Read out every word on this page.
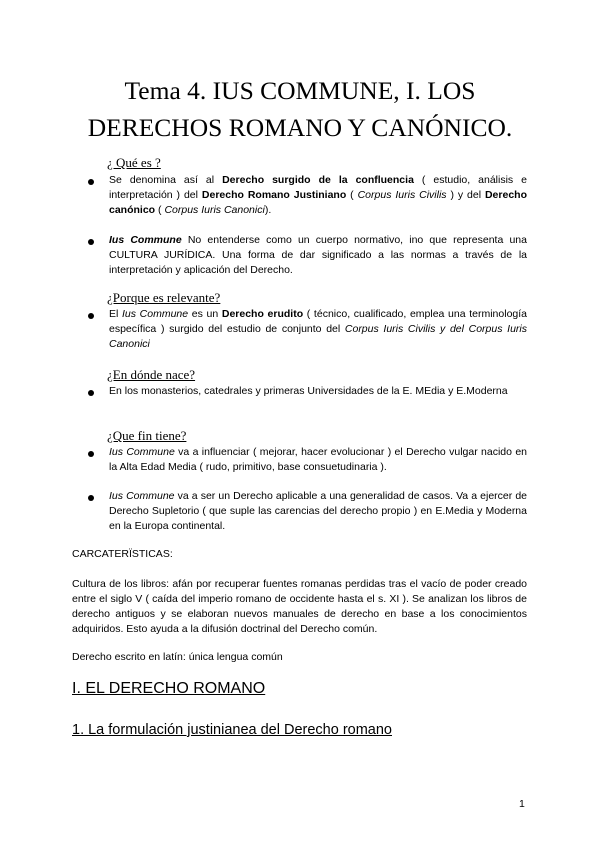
Tema 4. IUS COMMUNE, I. LOS
DERECHOS ROMANO Y CANÓNICO.
¿ Qué es ?
Se denomina así al Derecho surgido de la confluencia ( estudio, análisis e interpretación ) del Derecho Romano Justiniano ( Corpus Iuris Civilis ) y del Derecho canónico ( Corpus Iuris Canonici).
Ius Commune No entenderse como un cuerpo normativo, ino que representa una CULTURA JURÍDICA. Una forma de dar significado a las normas a través de la interpretación y aplicación del Derecho.
¿Porque es relevante?
El Ius Commune es un Derecho erudito ( técnico, cualificado, emplea una terminología específica ) surgido del estudio de conjunto del Corpus Iuris Civilis y del Corpus Iuris Canonici
¿En dónde nace?
En los monasterios, catedrales y primeras Universidades de la E. MEdia y E.Moderna
¿Que fin tiene?
Ius Commune va a influenciar ( mejorar, hacer evolucionar ) el Derecho vulgar nacido en la Alta Edad Media ( rudo, primitivo, base consuetudinaria ).
Ius Commune va a ser un Derecho aplicable a una generalidad de casos. Va a ejercer de Derecho Supletorio ( que suple las carencias del derecho propio ) en E.Media y Moderna en la Europa continental.
CARCATERÏSTICAS:
Cultura de los libros: afán por recuperar fuentes romanas perdidas tras el vacío de poder creado entre el siglo V ( caída del imperio romano de occidente hasta el s. XI ). Se analizan los libros de derecho antiguos y se elaboran nuevos manuales de derecho en base a los conocimientos adquiridos. Esto ayuda a la difusión doctrinal del Derecho común.
Derecho escrito en latín: única lengua común
I. EL DERECHO ROMANO
1. La formulación justinianea del Derecho romano
1
